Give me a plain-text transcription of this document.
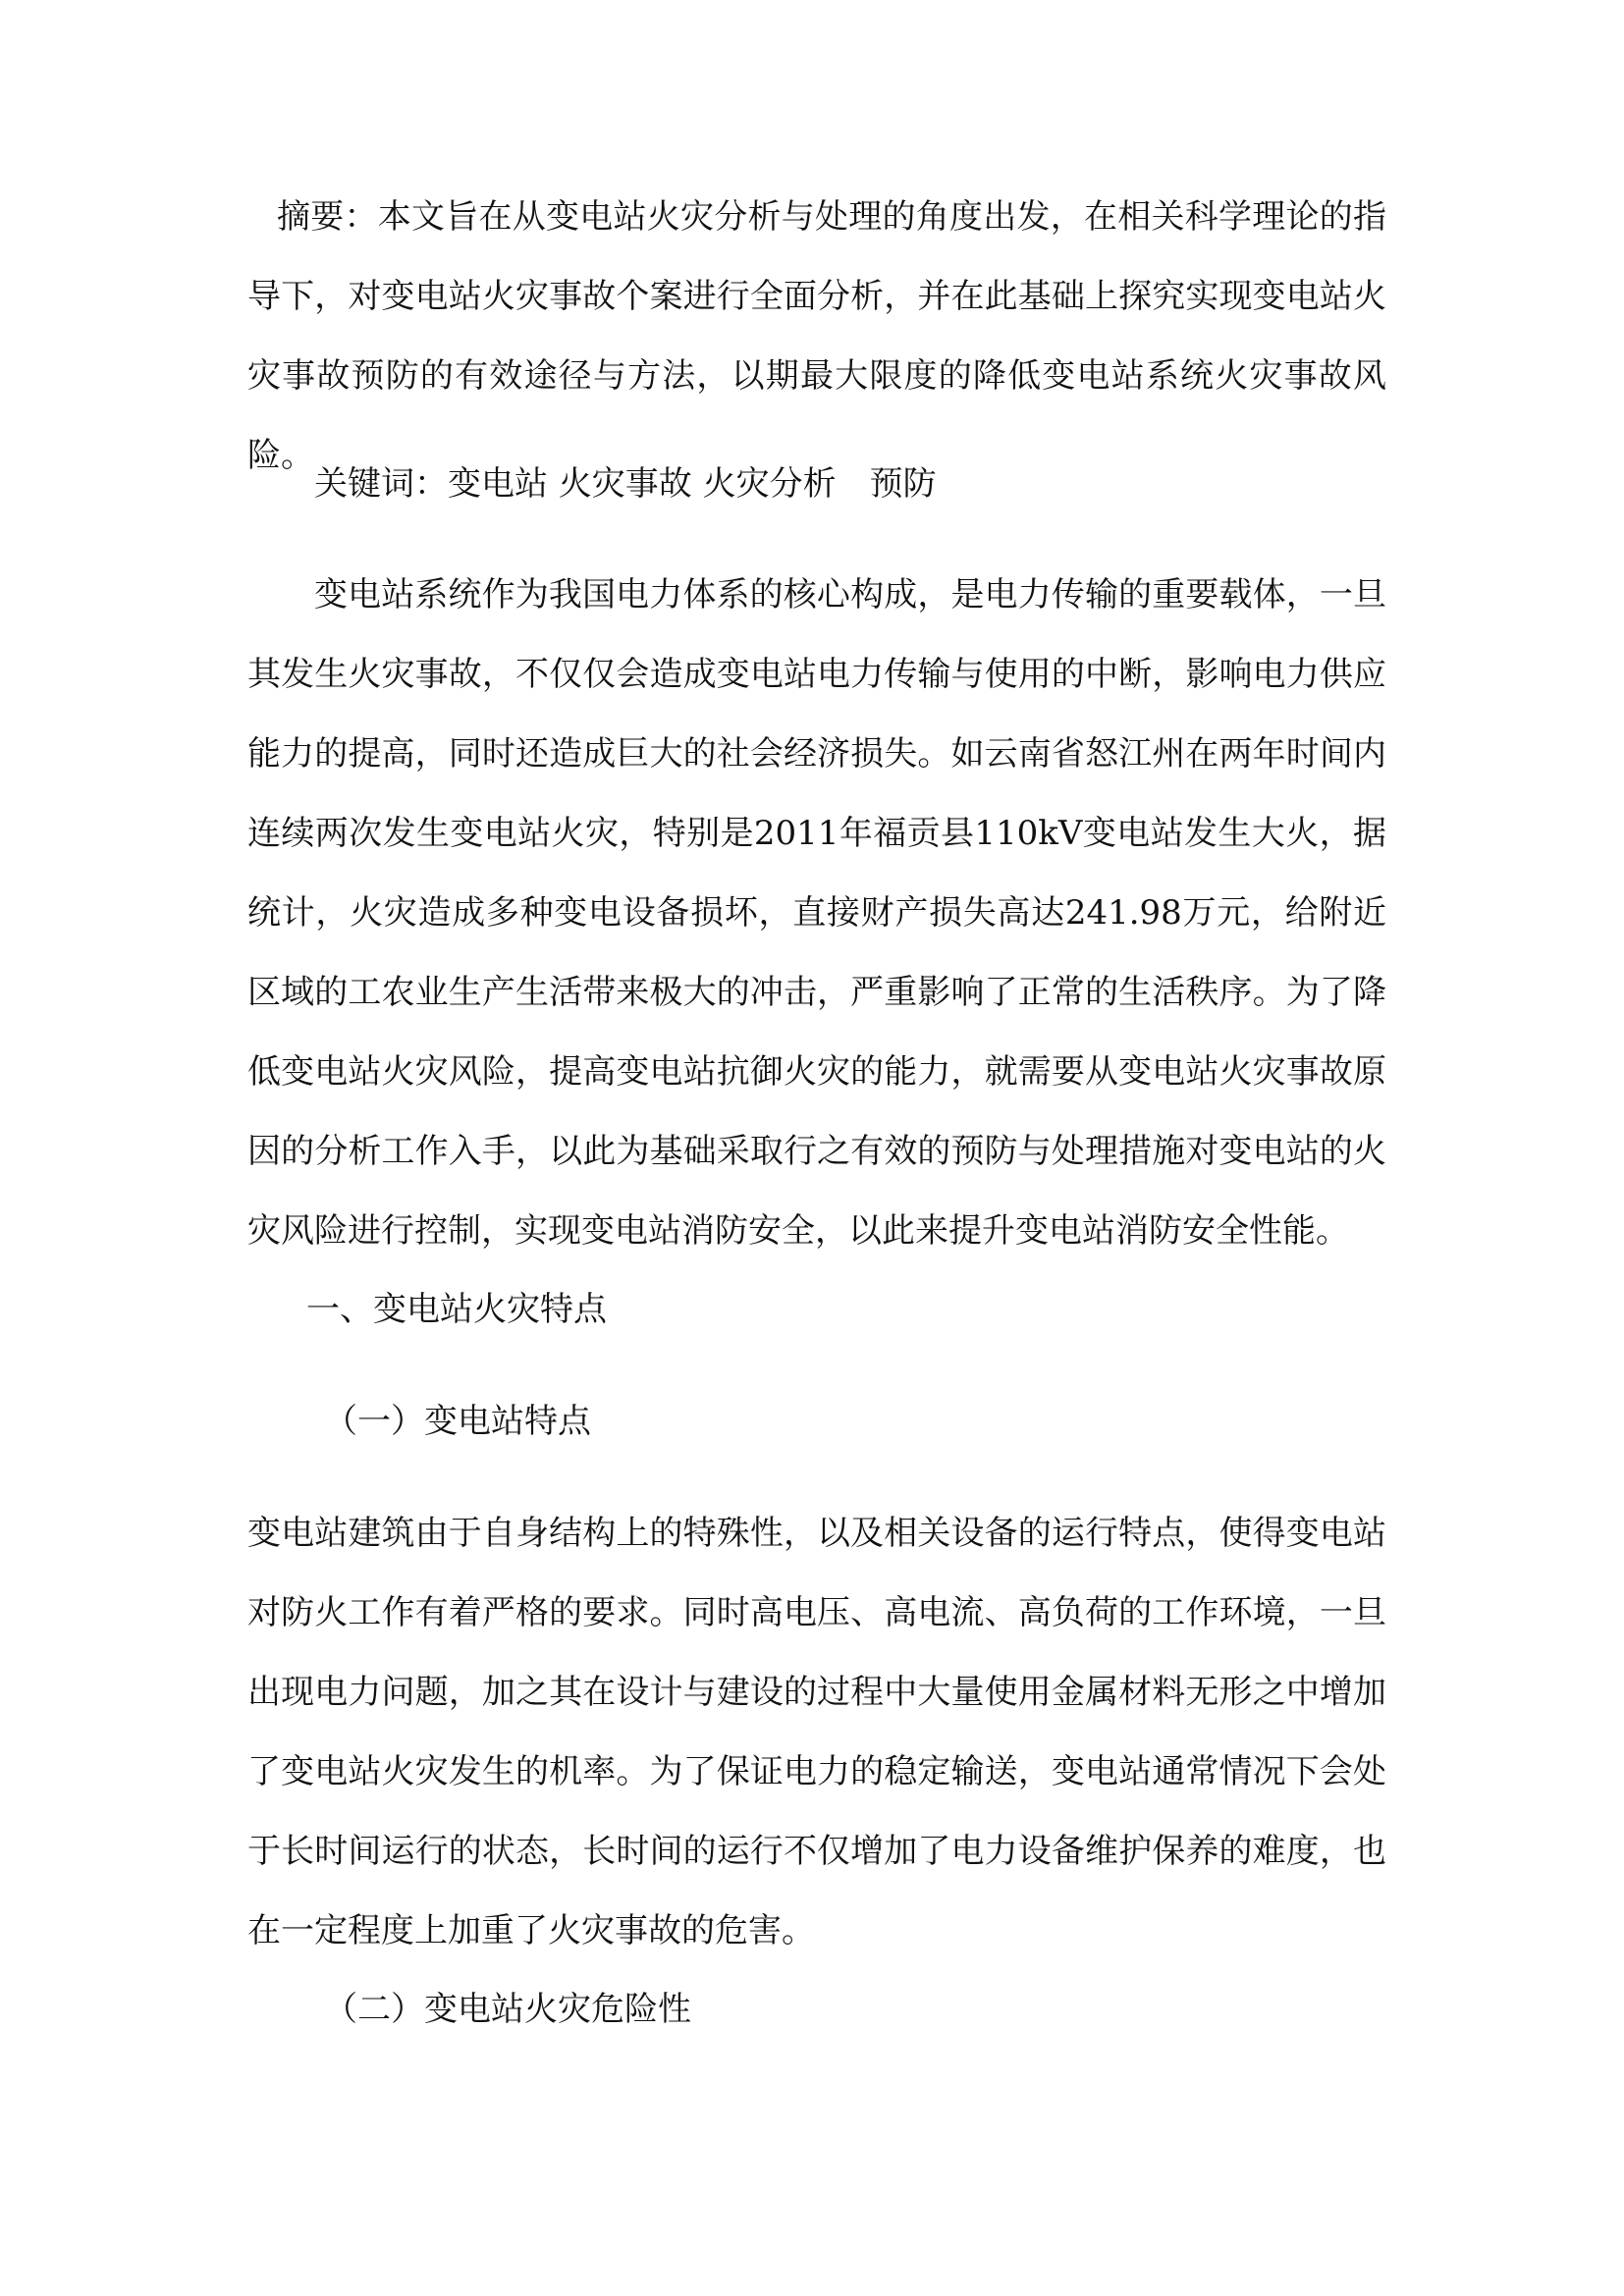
摘要：本文旨在从变电站火灾分析与处理的角度出发，在相关科学理论的指导下，对变电站火灾事故个案进行全面分析，并在此基础上探究实现变电站火灾事故预防的有效途径与方法，以期最大限度的降低变电站系统火灾事故风险。

关键词：变电站 火灾事故 火灾分析　预防

变电站系统作为我国电力体系的核心构成，是电力传输的重要载体，一旦其发生火灾事故，不仅仅会造成变电站电力传输与使用的中断，影响电力供应能力的提高，同时还造成巨大的社会经济损失。如云南省怒江州在两年时间内连续两次发生变电站火灾，特别是2011年福贡县110kV变电站发生大火，据统计，火灾造成多种变电设备损坏，直接财产损失高达241.98万元，给附近区域的工农业生产生活带来极大的冲击，严重影响了正常的生活秩序。为了降低变电站火灾风险，提高变电站抗御火灾的能力，就需要从变电站火灾事故原因的分析工作入手，以此为基础采取行之有效的预防与处理措施对变电站的火灾风险进行控制，实现变电站消防安全，以此来提升变电站消防安全性能。

一、变电站火灾特点

（一）变电站特点

变电站建筑由于自身结构上的特殊性，以及相关设备的运行特点，使得变电站对防火工作有着严格的要求。同时高电压、高电流、高负荷的工作环境，一旦出现电力问题，加之其在设计与建设的过程中大量使用金属材料无形之中增加了变电站火灾发生的机率。为了保证电力的稳定输送，变电站通常情况下会处于长时间运行的状态，长时间的运行不仅增加了电力设备维护保养的难度，也在一定程度上加重了火灾事故的危害。

（二）变电站火灾危险性
